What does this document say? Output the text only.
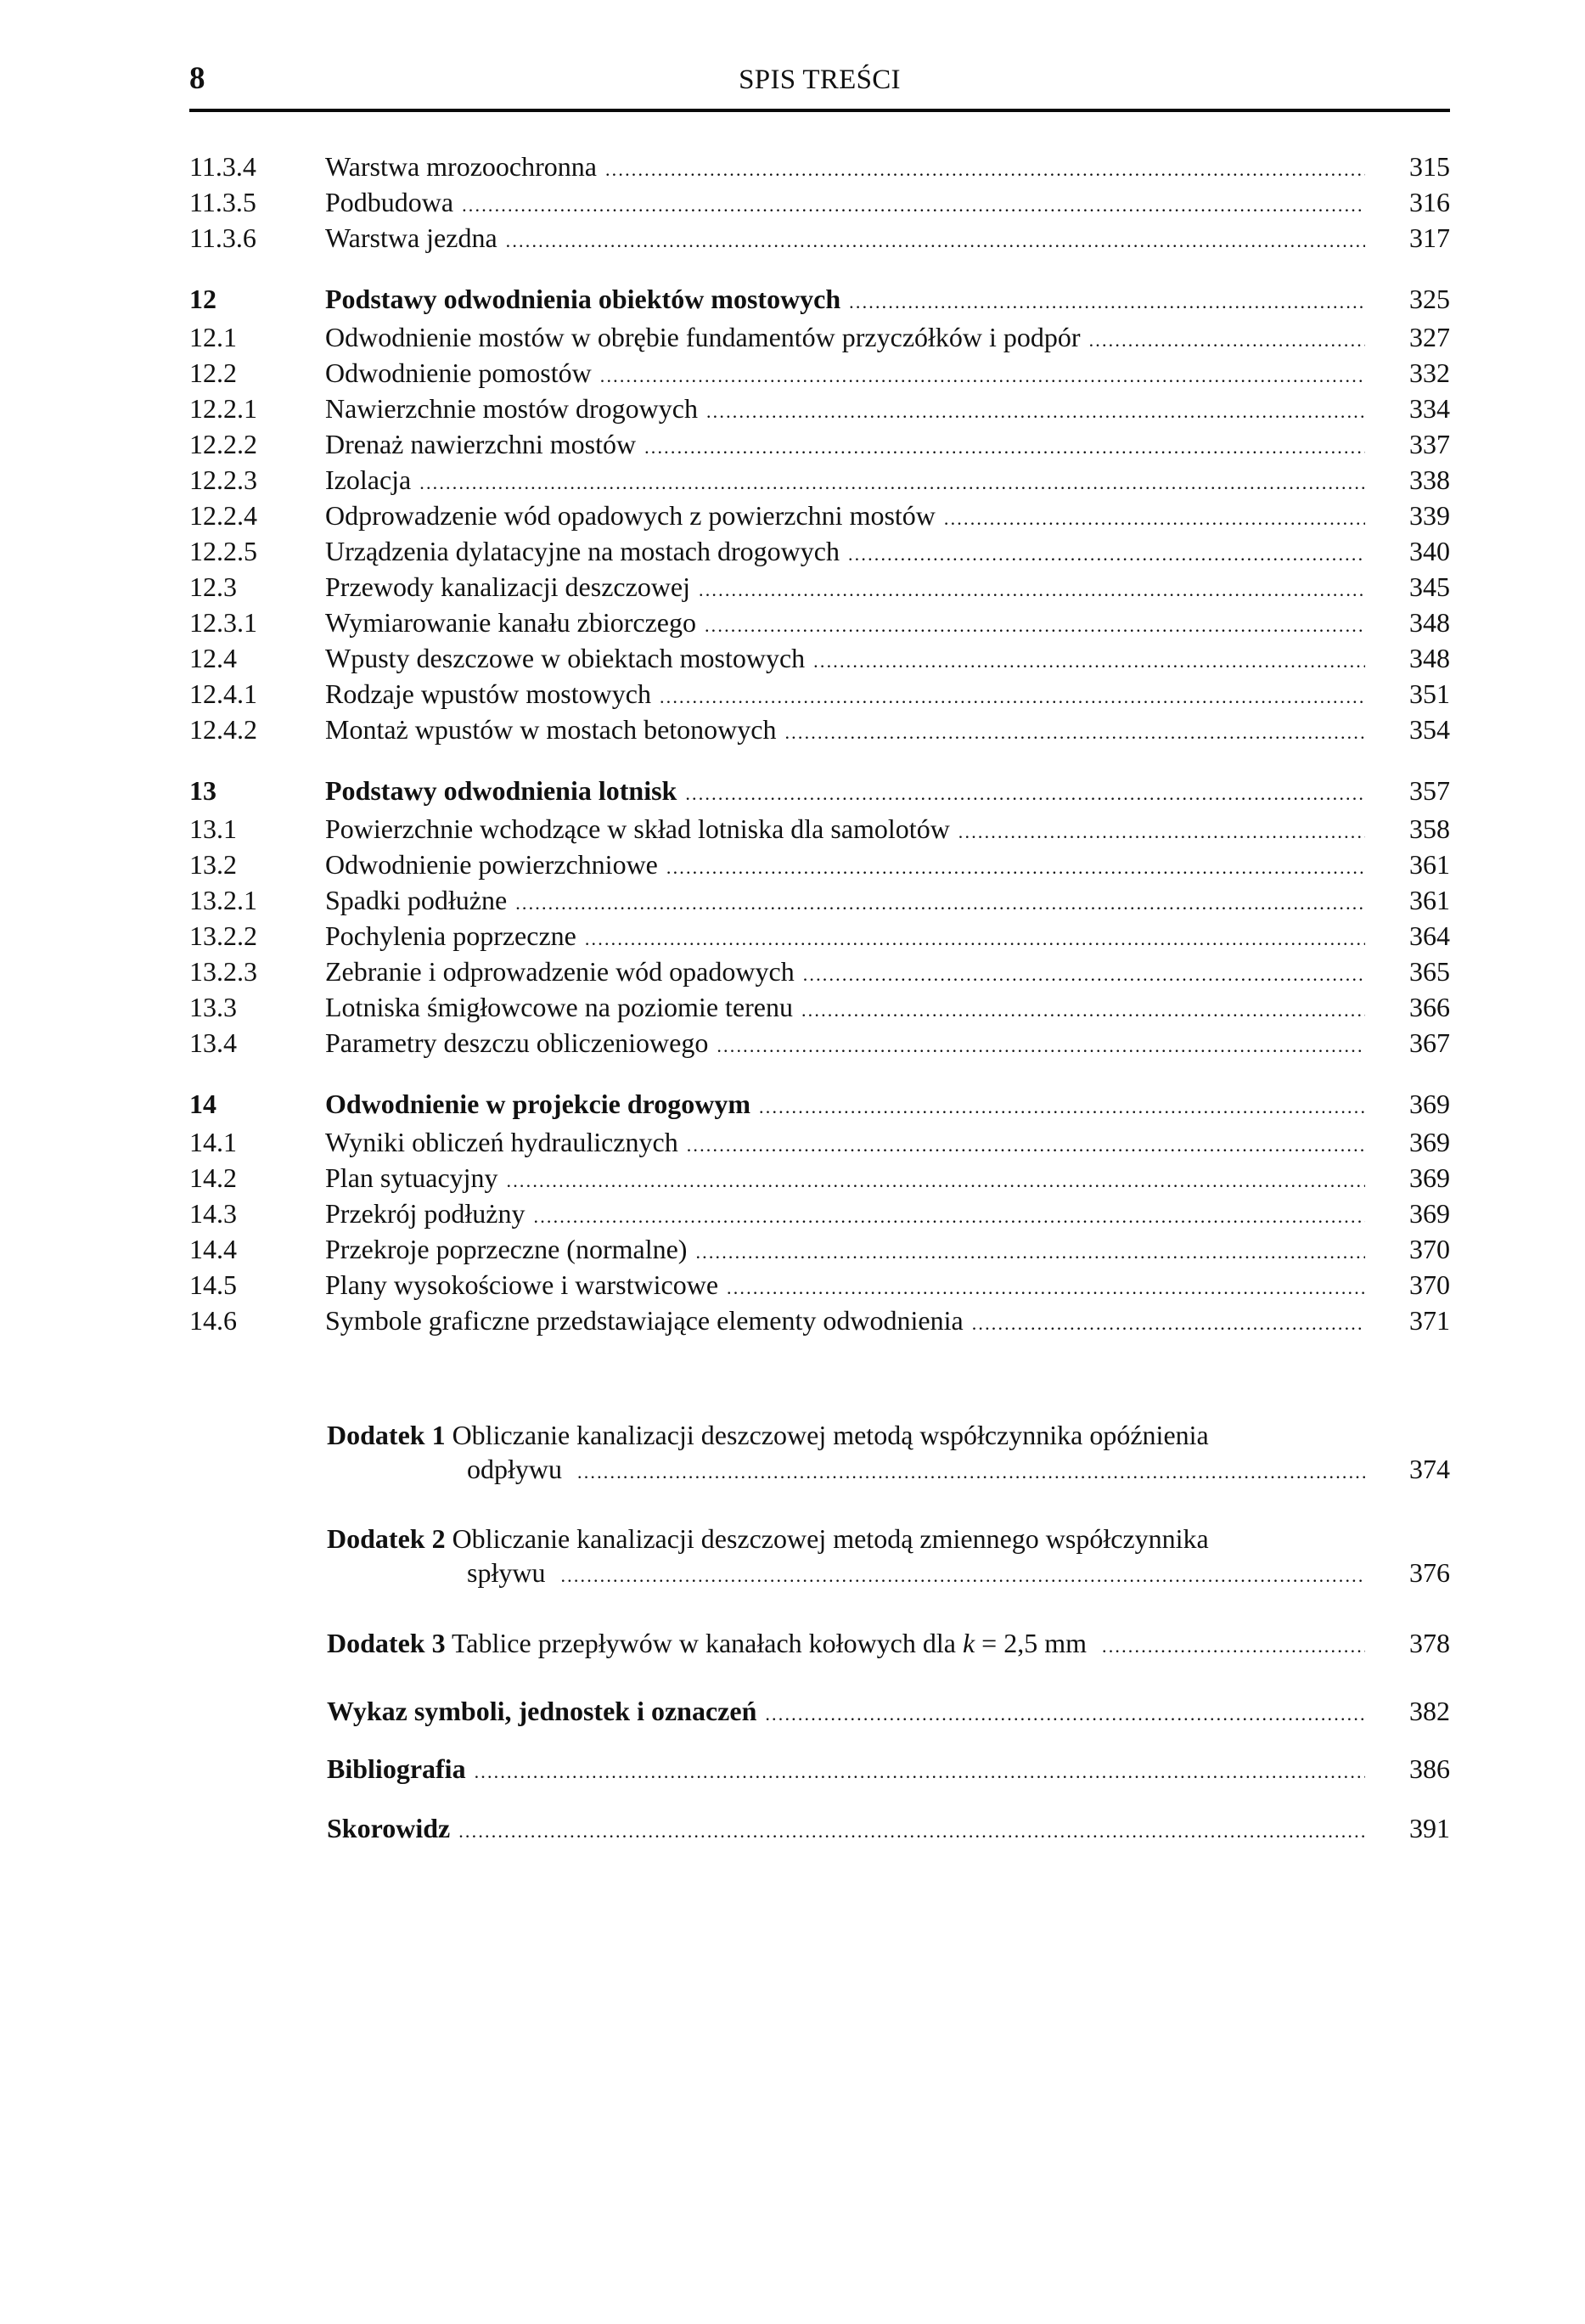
8	SPIS TREŚCI
11.3.4	Warstwa mrozoochronna .....	315
11.3.5	Podbudowa .....	316
11.3.6	Warstwa jezdna .....	317
12	Podstawy odwodnienia obiektów mostowych .....	325
12.1	Odwodnienie mostów w obrębie fundamentów przyczółków i podpór .....	327
12.2	Odwodnienie pomostów .....	332
12.2.1	Nawierzchnie mostów drogowych .....	334
12.2.2	Drenaż nawierzchni mostów .....	337
12.2.3	Izolacja .....	338
12.2.4	Odprowadzenie wód opadowych z powierzchni mostów .....	339
12.2.5	Urządzenia dylatacyjne na mostach drogowych .....	340
12.3	Przewody kanalizacji deszczowej .....	345
12.3.1	Wymiarowanie kanału zbiorczego .....	348
12.4	Wpusty deszczowe w obiektach mostowych .....	348
12.4.1	Rodzaje wpustów mostowych .....	351
12.4.2	Montaż wpustów w mostach betonowych .....	354
13	Podstawy odwodnienia lotnisk .....	357
13.1	Powierzchnie wchodzące w skład lotniska dla samolotów .....	358
13.2	Odwodnienie powierzchniowe .....	361
13.2.1	Spadki podłużne .....	361
13.2.2	Pochylenia poprzeczne .....	364
13.2.3	Zebranie i odprowadzenie wód opadowych .....	365
13.3	Lotniska śmigłowcowe na poziomie terenu .....	366
13.4	Parametry deszczu obliczeniowego .....	367
14	Odwodnienie w projekcie drogowym .....	369
14.1	Wyniki obliczeń hydraulicznych .....	369
14.2	Plan sytuacyjny .....	369
14.3	Przekrój podłużny .....	369
14.4	Przekroje poprzeczne (normalne) .....	370
14.5	Plany wysokościowe i warstwicowe .....	370
14.6	Symbole graficzne przedstawiające elementy odwodnienia .....	371
Dodatek 1 Obliczanie kanalizacji deszczowej metodą współczynnika opóźnienia
odpływu .....	374
Dodatek 2 Obliczanie kanalizacji deszczowej metodą zmiennego współczynnika
spływu .....	376
Dodatek 3 Tablice przepływów w kanałach kołowych dla k = 2,5 mm .....	378
Wykaz symboli, jednostek i oznaczeń .....	382
Bibliografia .....	386
Skorowidz .....	391
